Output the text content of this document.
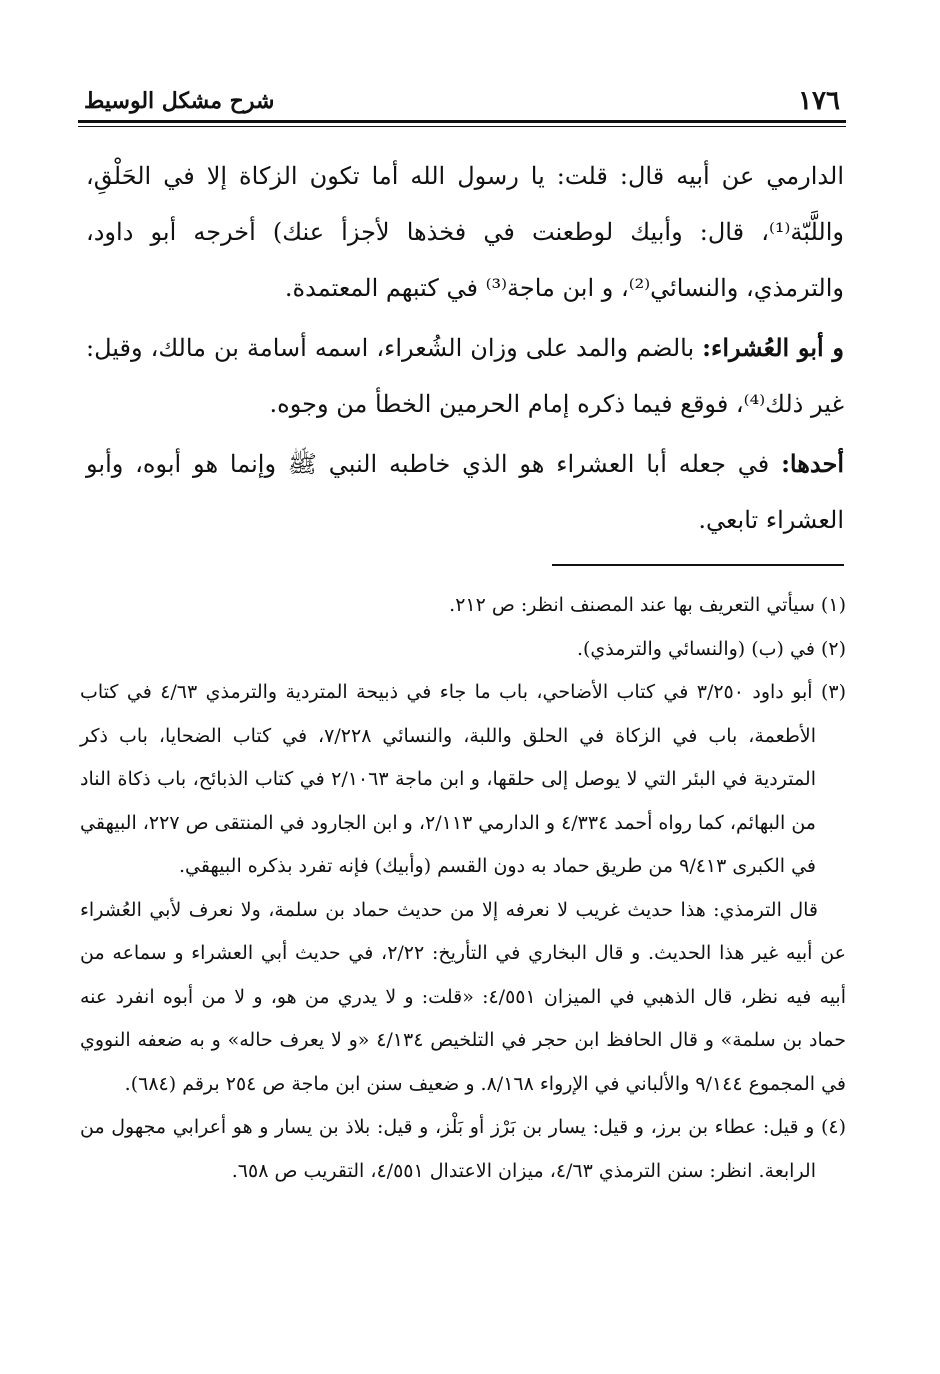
١٧٦
شرح مشكل الوسيط

الدارمي عن أبيه قال: قلت: يا رسول الله أما تكون الزكاة إلا في الحَلْقِ، واللَّبّة⁽¹⁾، قال: وأبيك لوطعنت في فخذها لأجزأ عنك) أخرجه أبو داود، والترمذي، والنسائي⁽²⁾، و ابن ماجة⁽³⁾ في كتبهم المعتمدة.

و أبو العُشراء: بالضم والمد على وزان الشُعراء، اسمه أسامة بن مالك، وقيل: غير ذلك⁽⁴⁾، فوقع فيما ذكره إمام الحرمين الخطأ من وجوه.

أحدها: في جعله أبا العشراء هو الذي خاطبه النبي ﷺ وإنما هو أبوه، وأبو العشراء تابعي.

(١) سيأتي التعريف بها عند المصنف انظر: ص ٢١٢.

(٢) في (ب) (والنسائي والترمذي).

(٣) أبو داود ٣/٢٥٠ في كتاب الأضاحي، باب ما جاء في ذبيحة المتردية والترمذي ٤/٦٣ في كتاب الأطعمة، باب في الزكاة في الحلق واللبة، والنسائي ٧/٢٢٨، في كتاب الضحايا، باب ذكر المتردية في البئر التي لا يوصل إلى حلقها، و ابن ماجة ٢/١٠٦٣ في كتاب الذبائح، باب ذكاة الناد من البهائم، كما رواه أحمد ٤/٣٣٤ و الدارمي ٢/١١٣، و ابن الجارود في المنتقى ص ٢٢٧، البيهقي في الكبرى ٩/٤١٣ من طريق حماد به دون القسم (وأبيك) فإنه تفرد بذكره البيهقي.

قال الترمذي: هذا حديث غريب لا نعرفه إلا من حديث حماد بن سلمة، ولا نعرف لأبي العُشراء عن أبيه غير هذا الحديث. و قال البخاري في التأريخ: ٢/٢٢، في حديث أبي العشراء و سماعه من أبيه فيه نظر، قال الذهبي في الميزان ٤/٥٥١: «قلت: و لا يدري من هو، و لا من أبوه انفرد عنه حماد بن سلمة» و قال الحافظ ابن حجر في التلخيص ٤/١٣٤ «و لا يعرف حاله» و به ضعفه النووي في المجموع ٩/١٤٤ والألباني في الإرواء ٨/١٦٨. و ضعيف سنن ابن ماجة ص ٢٥٤ برقم (٦٨٤).

(٤) و قيل: عطاء بن برز، و قيل: يسار بن بَرْز أو بَلْز، و قيل: بلاذ بن يسار و هو أعرابي مجهول من الرابعة. انظر: سنن الترمذي ٤/٦٣، ميزان الاعتدال ٤/٥٥١، التقريب ص ٦٥٨.
